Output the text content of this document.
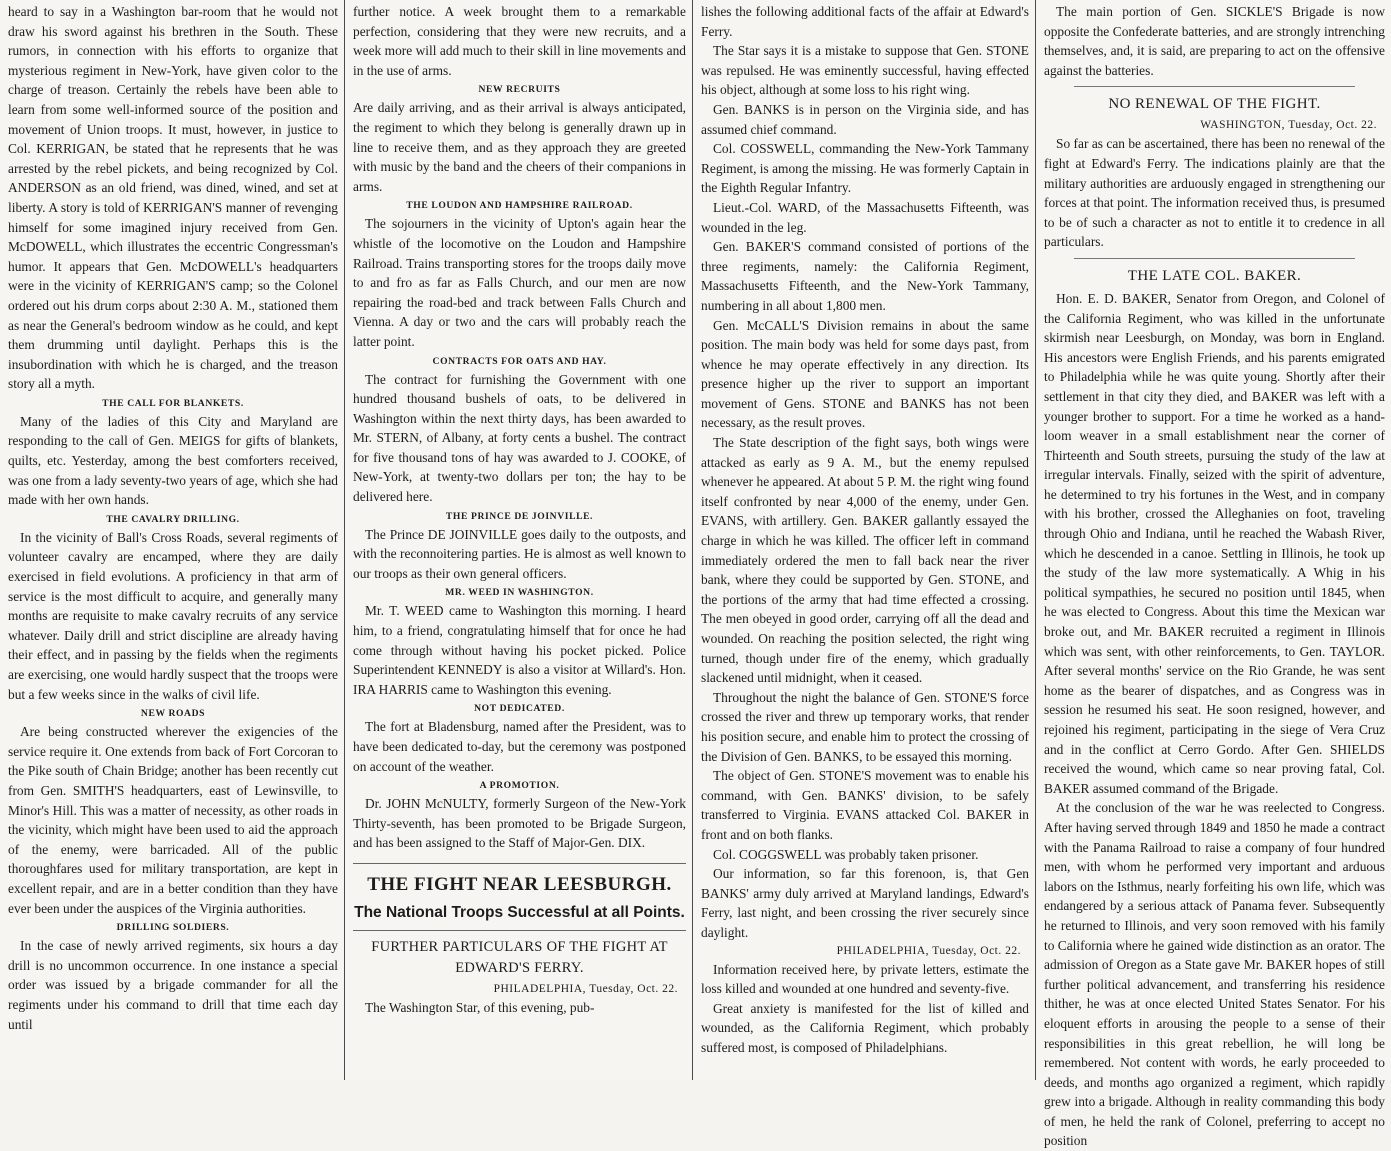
heard to say in a Washington bar-room that he would not draw his sword against his brethren in the South. These rumors, in connection with his efforts to organize that mysterious regiment in New-York, have given color to the charge of treason. Certainly the rebels have been able to learn from some well-informed source of the position and movement of Union troops. It must, however, in justice to Col. KERRIGAN, be stated that he represents that he was arrested by the rebel pickets, and being recognized by Col. ANDERSON as an old friend, was dined, wined, and set at liberty. A story is told of KERRIGAN'S manner of revenging himself for some imagined injury received from Gen. McDOWELL, which illustrates the eccentric Congressman's humor. It appears that Gen. McDOWELL's headquarters were in the vicinity of KERRIGAN'S camp; so the Colonel ordered out his drum corps about 2:30 A. M., stationed them as near the General's bedroom window as he could, and kept them drumming until daylight. Perhaps this is the insubordination with which he is charged, and the treason story all a myth.

THE CALL FOR BLANKETS.

Many of the ladies of this City and Maryland are responding to the call of Gen. MEIGS for gifts of blankets, quilts, etc. Yesterday, among the best comforters received, was one from a lady seventy-two years of age, which she had made with her own hands.

THE CAVALRY DRILLING.

In the vicinity of Ball's Cross Roads, several regiments of volunteer cavalry are encamped, where they are daily exercised in field evolutions. A proficiency in that arm of service is the most difficult to acquire, and generally many months are requisite to make cavalry recruits of any service whatever. Daily drill and strict discipline are already having their effect, and in passing by the fields when the regiments are exercising, one would hardly suspect that the troops were but a few weeks since in the walks of civil life.

NEW ROADS

Are being constructed wherever the exigencies of the service require it. One extends from back of Fort Corcoran to the Pike south of Chain Bridge; another has been recently cut from Gen. SMITH'S headquarters, east of Lewinsville, to Minor's Hill. This was a matter of necessity, as other roads in the vicinity, which might have been used to aid the approach of the enemy, were barricaded. All of the public thoroughfares used for military transportation, are kept in excellent repair, and are in a better condition than they have ever been under the auspices of the Virginia authorities.

DRILLING SOLDIERS.

In the case of newly arrived regiments, six hours a day drill is no uncommon occurrence. In one instance a special order was issued by a brigade commander for all the regiments under his command to drill that time each day until

further notice. A week brought them to a remarkable perfection, considering that they were new recruits, and a week more will add much to their skill in line movements and in the use of arms.

NEW RECRUITS

Are daily arriving, and as their arrival is always anticipated, the regiment to which they belong is generally drawn up in line to receive them, and as they approach they are greeted with music by the band and the cheers of their companions in arms.

THE LOUDON AND HAMPSHIRE RAILROAD.

The sojourners in the vicinity of Upton's again hear the whistle of the locomotive on the Loudon and Hampshire Railroad. Trains transporting stores for the troops daily move to and fro as far as Falls Church, and our men are now repairing the road-bed and track between Falls Church and Vienna. A day or two and the cars will probably reach the latter point.

CONTRACTS FOR OATS AND HAY.

The contract for furnishing the Government with one hundred thousand bushels of oats, to be delivered in Washington within the next thirty days, has been awarded to Mr. STERN, of Albany, at forty cents a bushel. The contract for five thousand tons of hay was awarded to J. COOKE, of New-York, at twenty-two dollars per ton; the hay to be delivered here.

THE PRINCE DE JOINVILLE.

The Prince DE JOINVILLE goes daily to the outposts, and with the reconnoitering parties. He is almost as well known to our troops as their own general officers.

MR. WEED IN WASHINGTON.

Mr. T. WEED came to Washington this morning. I heard him, to a friend, congratulating himself that for once he had come through without having his pocket picked. Police Superintendent KENNEDY is also a visitor at Willard's. Hon. IRA HARRIS came to Washington this evening.

NOT DEDICATED.

The fort at Bladensburg, named after the President, was to have been dedicated to-day, but the ceremony was postponed on account of the weather.

A PROMOTION.

Dr. JOHN McNULTY, formerly Surgeon of the New-York Thirty-seventh, has been promoted to be Brigade Surgeon, and has been assigned to the Staff of Major-Gen. DIX.

THE FIGHT NEAR LEESBURGH.
The National Troops Successful at all Points.
FURTHER PARTICULARS OF THE FIGHT AT EDWARD'S FERRY.
PHILADELPHIA, Tuesday, Oct. 22.

The Washington Star, of this evening, pub-

lishes the following additional facts of the affair at Edward's Ferry.

The Star says it is a mistake to suppose that Gen. STONE was repulsed. He was eminently successful, having effected his object, although at some loss to his right wing.

Gen. BANKS is in person on the Virginia side, and has assumed chief command.

Col. COSSWELL, commanding the New-York Tammany Regiment, is among the missing. He was formerly Captain in the Eighth Regular Infantry.

Lieut.-Col. WARD, of the Massachusetts Fifteenth, was wounded in the leg.

Gen. BAKER'S command consisted of portions of the three regiments, namely: the California Regiment, Massachusetts Fifteenth, and the New-York Tammany, numbering in all about 1,800 men.

Gen. McCALL'S Division remains in about the same position. The main body was held for some days past, from whence he may operate effectively in any direction. Its presence higher up the river to support an important movement of Gens. STONE and BANKS has not been necessary, as the result proves.

The State description of the fight says, both wings were attacked as early as 9 A. M., but the enemy repulsed whenever he appeared. At about 5 P. M. the right wing found itself confronted by near 4,000 of the enemy, under Gen. EVANS, with artillery. Gen. BAKER gallantly essayed the charge in which he was killed. The officer left in command immediately ordered the men to fall back near the river bank, where they could be supported by Gen. STONE, and the portions of the army that had time effected a crossing. The men obeyed in good order, carrying off all the dead and wounded. On reaching the position selected, the right wing turned, though under fire of the enemy, which gradually slackened until midnight, when it ceased.

Throughout the night the balance of Gen. STONE'S force crossed the river and threw up temporary works, that render his position secure, and enable him to protect the crossing of the Division of Gen. BANKS, to be essayed this morning.

The object of Gen. STONE'S movement was to enable his command, with Gen. BANKS' division, to be safely transferred to Virginia. EVANS attacked Col. BAKER in front and on both flanks.

Col. COGGSWELL was probably taken prisoner.

Our information, so far this forenoon, is, that Gen BANKS' army duly arrived at Maryland landings, Edward's Ferry, last night, and been crossing the river securely since daylight.

PHILADELPHIA, Tuesday, Oct. 22.

Information received here, by private letters, estimate the loss killed and wounded at one hundred and seventy-five.

Great anxiety is manifested for the list of killed and wounded, as the California Regiment, which probably suffered most, is composed of Philadelphians.

The main portion of Gen. SICKLE'S Brigade is now opposite the Confederate batteries, and are strongly intrenching themselves, and, it is said, are preparing to act on the offensive against the batteries.

NO RENEWAL OF THE FIGHT.
WASHINGTON, Tuesday, Oct. 22.

So far as can be ascertained, there has been no renewal of the fight at Edward's Ferry. The indications plainly are that the military authorities are arduously engaged in strengthening our forces at that point. The information received thus, is presumed to be of such a character as not to entitle it to credence in all particulars.

THE LATE COL. BAKER.

Hon. E. D. BAKER, Senator from Oregon, and Colonel of the California Regiment, who was killed in the unfortunate skirmish near Leesburgh, on Monday, was born in England. His ancestors were English Friends, and his parents emigrated to Philadelphia while he was quite young. Shortly after their settlement in that city they died, and BAKER was left with a younger brother to support. For a time he worked as a hand-loom weaver in a small establishment near the corner of Thirteenth and South streets, pursuing the study of the law at irregular intervals. Finally, seized with the spirit of adventure, he determined to try his fortunes in the West, and in company with his brother, crossed the Alleghanies on foot, traveling through Ohio and Indiana, until he reached the Wabash River, which he descended in a canoe. Settling in Illinois, he took up the study of the law more systematically. A Whig in his political sympathies, he secured no position until 1845, when he was elected to Congress. About this time the Mexican war broke out, and Mr. BAKER recruited a regiment in Illinois which was sent, with other reinforcements, to Gen. TAYLOR. After several months' service on the Rio Grande, he was sent home as the bearer of dispatches, and as Congress was in session he resumed his seat. He soon resigned, however, and rejoined his regiment, participating in the siege of Vera Cruz and in the conflict at Cerro Gordo. After Gen. SHIELDS received the wound, which came so near proving fatal, Col. BAKER assumed command of the Brigade.

At the conclusion of the war he was reelected to Congress. After having served through 1849 and 1850 he made a contract with the Panama Railroad to raise a company of four hundred men, with whom he performed very important and arduous labors on the Isthmus, nearly forfeiting his own life, which was endangered by a serious attack of Panama fever. Subsequently he returned to Illinois, and very soon removed with his family to California where he gained wide distinction as an orator. The admission of Oregon as a State gave Mr. BAKER hopes of still further political advancement, and transferring his residence thither, he was at once elected United States Senator. For his eloquent efforts in arousing the people to a sense of their responsibilities in this great rebellion, he will long be remembered. Not content with words, he early proceeded to deeds, and months ago organized a regiment, which rapidly grew into a brigade. Although in reality commanding this body of men, he held the rank of Colonel, preferring to accept no position
